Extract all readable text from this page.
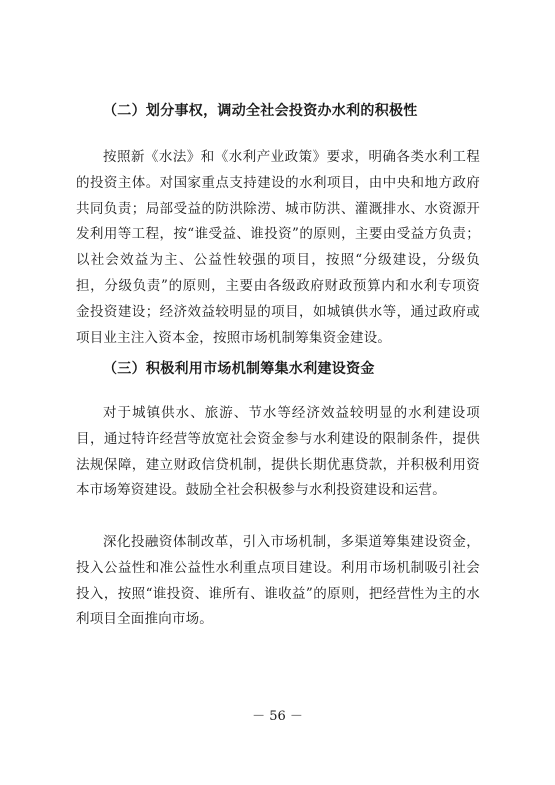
（二）划分事权，调动全社会投资办水利的积极性

按照新《水法》和《水利产业政策》要求，明确各类水利工程的投资主体。对国家重点支持建设的水利项目，由中央和地方政府共同负责；局部受益的防洪除涝、城市防洪、灌溉排水、水资源开发利用等工程，按“谁受益、谁投资”的原则，主要由受益方负责；以社会效益为主、公益性较强的项目，按照“分级建设，分级负担，分级负责”的原则，主要由各级政府财政预算内和水利专项资金投资建设；经济效益较明显的项目，如城镇供水等，通过政府或项目业主注入资本金，按照市场机制筹集资金建设。

（三）积极利用市场机制筹集水利建设资金

对于城镇供水、旅游、节水等经济效益较明显的水利建设项目，通过特许经营等放宽社会资金参与水利建设的限制条件，提供法规保障，建立财政信贷机制，提供长期优惠贷款，并积极利用资本市场筹资建设。鼓励全社会积极参与水利投资建设和运营。

深化投融资体制改革，引入市场机制，多渠道筹集建设资金，投入公益性和准公益性水利重点项目建设。利用市场机制吸引社会投入，按照“谁投资、谁所有、谁收益”的原则，把经营性为主的水利项目全面推向市场。

－ 56 －
